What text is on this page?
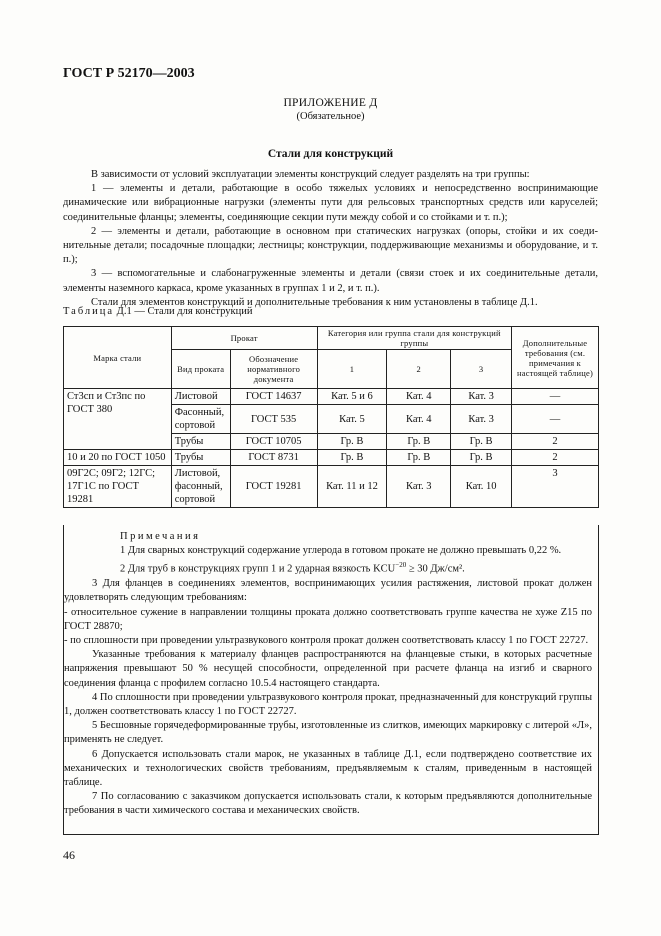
ГОСТ Р 52170—2003
ПРИЛОЖЕНИЕ Д
(Обязательное)
Стали для конструкций

В зависимости от условий эксплуатации элементы конструкций следует разделять на три группы:

1 — элементы и детали, работающие в особо тяжелых условиях и непосредственно воспринимающие динамические или вибрационные нагрузки (элементы пути для рельсовых транспортных средств или каруселей; соединительные фланцы; элементы, соединяющие секции пути между собой и со стойками и т. п.);

2 — элементы и детали, работающие в основном при статических нагрузках (опоры, стойки и их соединительные детали; посадочные площадки; лестницы; конструкции, поддерживающие механизмы и оборудование, и т. п.);

3 — вспомогательные и слабонагруженные элементы и детали (связи стоек и их соединительные детали, элементы наземного каркаса, кроме указанных в группах 1 и 2, и т. п.).

Стали для элементов конструкций и дополнительные требования к ним установлены в таблице Д.1.

Таблица Д.1 — Стали для конструкций
Марка стали	Прокат		Категория или группа стали для конструкций группы			Дополнительные требования (см. примечания к настоящей таблице)
	Вид проката	Обозначение нормативного документа	1	2	3	
Ст3сп и Ст3пс по ГОСТ 380	Листовой	ГОСТ 14637	Кат. 5 и 6	Кат. 4	Кат. 3	—
	Фасонный, сортовой	ГОСТ 535	Кат. 5	Кат. 4	Кат. 3	—
	Трубы	ГОСТ 10705	Гр. В	Гр. В	Гр. В	2
10 и 20 по ГОСТ 1050	Трубы	ГОСТ 8731	Гр. В	Гр. В	Гр. В	2
09Г2С; 09Г2; 12ГС; 17Г1С по ГОСТ 19281	Листовой, фасонный, сортовой	ГОСТ 19281	Кат. 11 и 12	Кат. 3	Кат. 10	3

Примечания

1 Для сварных конструкций содержание углерода в готовом прокате не должно превышать 0,22 %.

2 Для труб в конструкциях групп 1 и 2 ударная вязкость $KCU^{-20} \ge 30$ Дж/см².

3 Для фланцев в соединениях элементов, воспринимающих усилия растяжения, листовой прокат должен удовлетворять следующим требованиям:

- относительное сужение в направлении толщины проката должно соответствовать группе качества не хуже Z15 по ГОСТ 28870;

- по сплошности при проведении ультразвукового контроля прокат должен соответствовать классу 1 по ГОСТ 22727.

Указанные требования к материалу фланцев распространяются на фланцевые стыки, в которых расчетные напряжения превышают 50 % несущей способности, определенной при расчете фланца на изгиб и сварного соединения фланца с профилем согласно 10.5.4 настоящего стандарта.

4 По сплошности при проведении ультразвукового контроля прокат, предназначенный для конструкций группы 1, должен соответствовать классу 1 по ГОСТ 22727.

5 Бесшовные горячедеформированные трубы, изготовленные из слитков, имеющих маркировку с литерой «Л», применять не следует.

6 Допускается использовать стали марок, не указанных в таблице Д.1, если подтверждено соответствие их механических и технологических свойств требованиям, предъявляемым к сталям, приведенным в настоящей таблице.

7 По согласованию с заказчиком допускается использовать стали, к которым предъявляются дополнительные требования в части химического состава и механических свойств.

46
